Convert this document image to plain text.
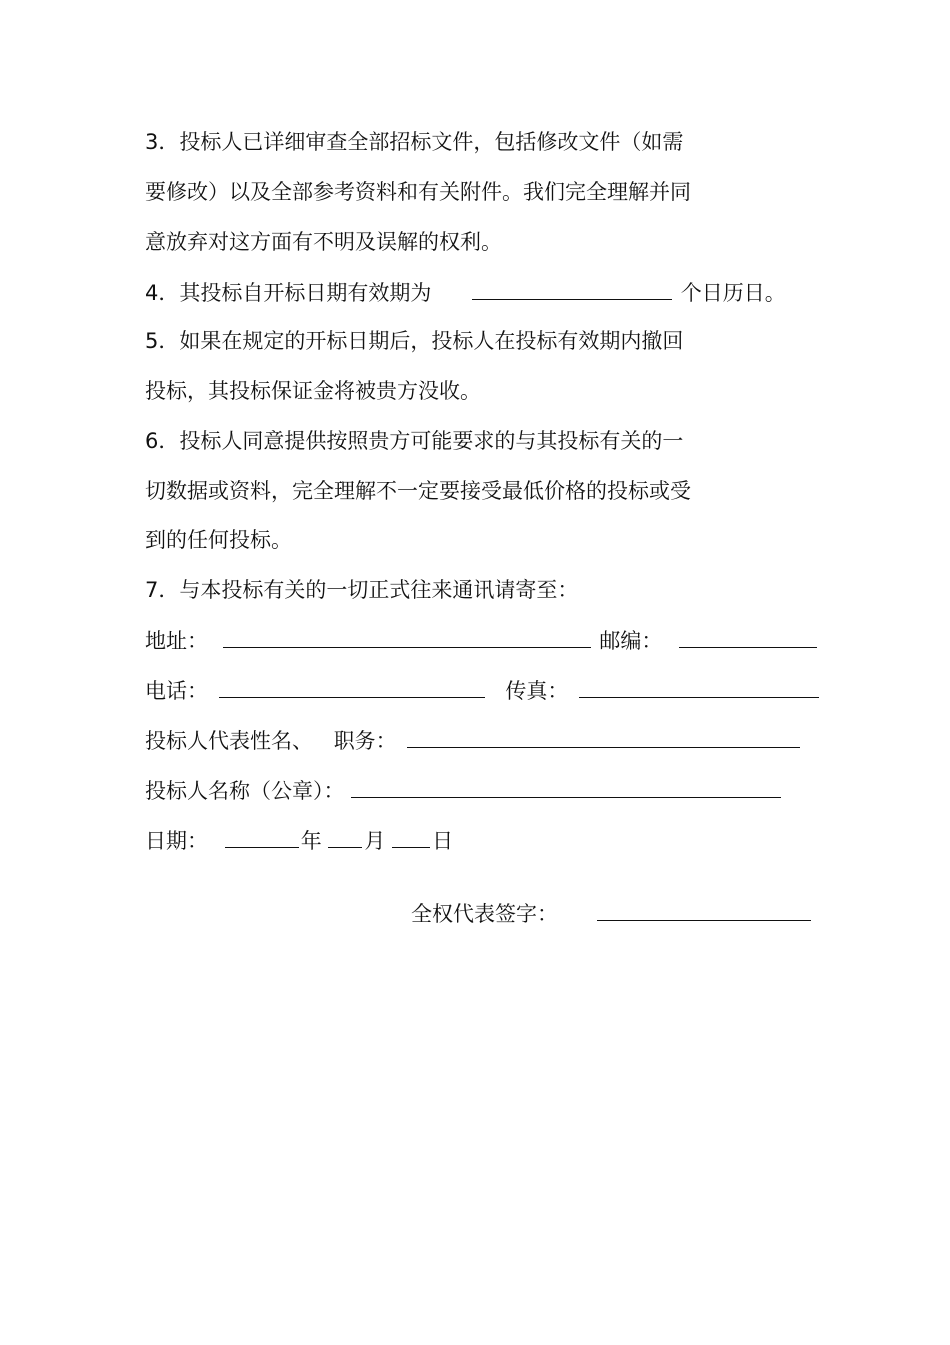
3．投标人已详细审查全部招标文件，包括修改文件（如需
要修改）以及全部参考资料和有关附件。我们完全理解并同
意放弃对这方面有不明及误解的权利。
4．其投标自开标日期有效期为	个日历日。
5．如果在规定的开标日期后，投标人在投标有效期内撤回
投标，其投标保证金将被贵方没收。
6．投标人同意提供按照贵方可能要求的与其投标有关的一
切数据或资料，完全理解不一定要接受最低价格的投标或受
到的任何投标。
7．与本投标有关的一切正式往来通讯请寄至：
地址：	邮编：
电话：	传真：
投标人代表性名、 职务：
投标人名称（公章）：
日期：	年 月 日
全权代表签字：
